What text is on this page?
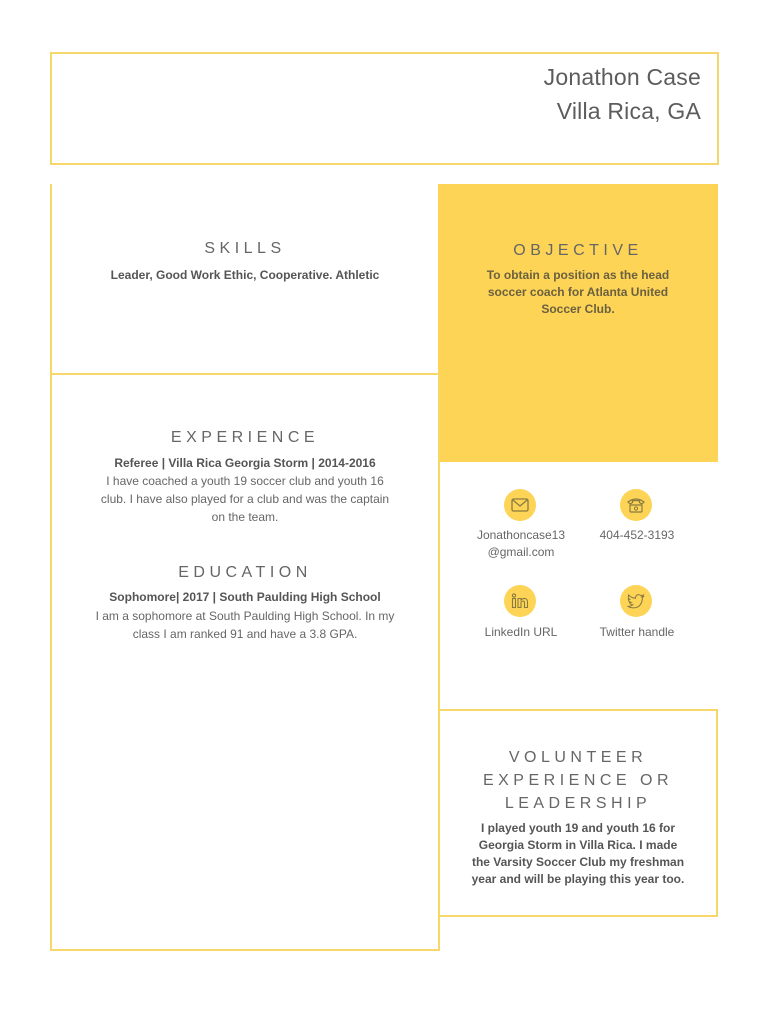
Jonathon Case
Villa Rica, GA
SKILLS
Leader, Good Work Ethic, Cooperative. Athletic
OBJECTIVE
To obtain a position as the head
soccer coach for Atlanta United
Soccer Club.
EXPERIENCE
Referee | Villa Rica Georgia Storm | 2014-2016
I have coached a youth 19 soccer club and youth 16
club. I have also played for a club and was the captain
on the team.
EDUCATION
Sophomore| 2017 | South Paulding High School
I am a sophomore at South Paulding High School. In my
class I am ranked 91 and have a 3.8 GPA.
Jonathoncase13
@gmail.com
404-452-3193
LinkedIn URL	Twitter handle
VOLUNTEER
EXPERIENCE OR
LEADERSHIP
I played youth 19 and youth 16 for
Georgia Storm in Villa Rica. I made
the Varsity Soccer Club my freshman
year and will be playing this year too.
